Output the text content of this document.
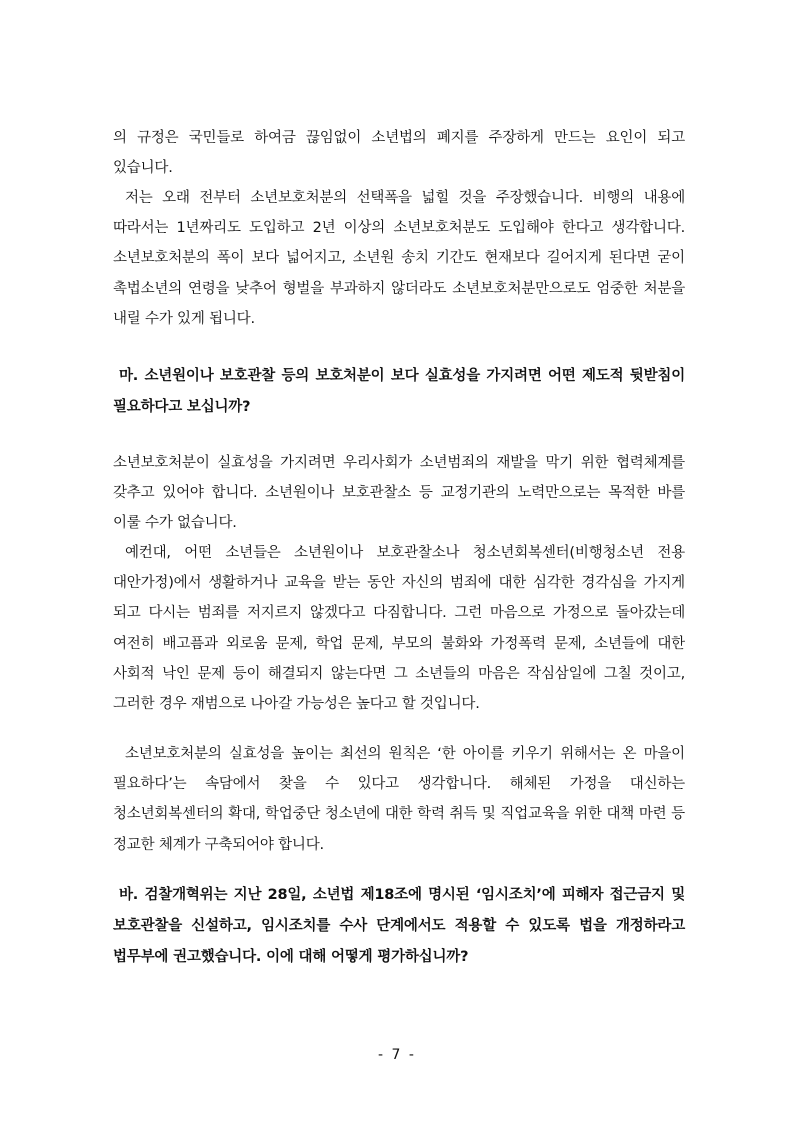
의 규정은 국민들로 하여금 끊임없이 소년법의 폐지를 주장하게 만드는 요인이 되고 있습니다.

저는 오래 전부터 소년보호처분의 선택폭을 넓힐 것을 주장했습니다. 비행의 내용에 따라서는 1년짜리도 도입하고 2년 이상의 소년보호처분도 도입해야 한다고 생각합니다. 소년보호처분의 폭이 보다 넓어지고, 소년원 송치 기간도 현재보다 길어지게 된다면 굳이 촉법소년의 연령을 낮추어 형벌을 부과하지 않더라도 소년보호처분만으로도 엄중한 처분을 내릴 수가 있게 됩니다.

마. 소년원이나 보호관찰 등의 보호처분이 보다 실효성을 가지려면 어떤 제도적 뒷받침이 필요하다고 보십니까?

소년보호처분이 실효성을 가지려면 우리사회가 소년범죄의 재발을 막기 위한 협력체계를 갖추고 있어야 합니다. 소년원이나 보호관찰소 등 교정기관의 노력만으로는 목적한 바를 이룰 수가 없습니다.

예컨대, 어떤 소년들은 소년원이나 보호관찰소나 청소년회복센터(비행청소년 전용 대안가정)에서 생활하거나 교육을 받는 동안 자신의 범죄에 대한 심각한 경각심을 가지게 되고 다시는 범죄를 저지르지 않겠다고 다짐합니다. 그런 마음으로 가정으로 돌아갔는데 여전히 배고픔과 외로움 문제, 학업 문제, 부모의 불화와 가정폭력 문제, 소년들에 대한 사회적 낙인 문제 등이 해결되지 않는다면 그 소년들의 마음은 작심삼일에 그칠 것이고, 그러한 경우 재범으로 나아갈 가능성은 높다고 할 것입니다.

소년보호처분의 실효성을 높이는 최선의 원칙은 ‘한 아이를 키우기 위해서는 온 마을이 필요하다’는 속담에서 찾을 수 있다고 생각합니다. 해체된 가정을 대신하는 청소년회복센터의 확대, 학업중단 청소년에 대한 학력 취득 및 직업교육을 위한 대책 마련 등 정교한 체계가 구축되어야 합니다.

바. 검찰개혁위는 지난 28일, 소년법 제18조에 명시된 ‘임시조치’에 피해자 접근금지 및 보호관찰을 신설하고, 임시조치를 수사 단계에서도 적용할 수 있도록 법을 개정하라고 법무부에 권고했습니다. 이에 대해 어떻게 평가하십니까?

- 7 -
